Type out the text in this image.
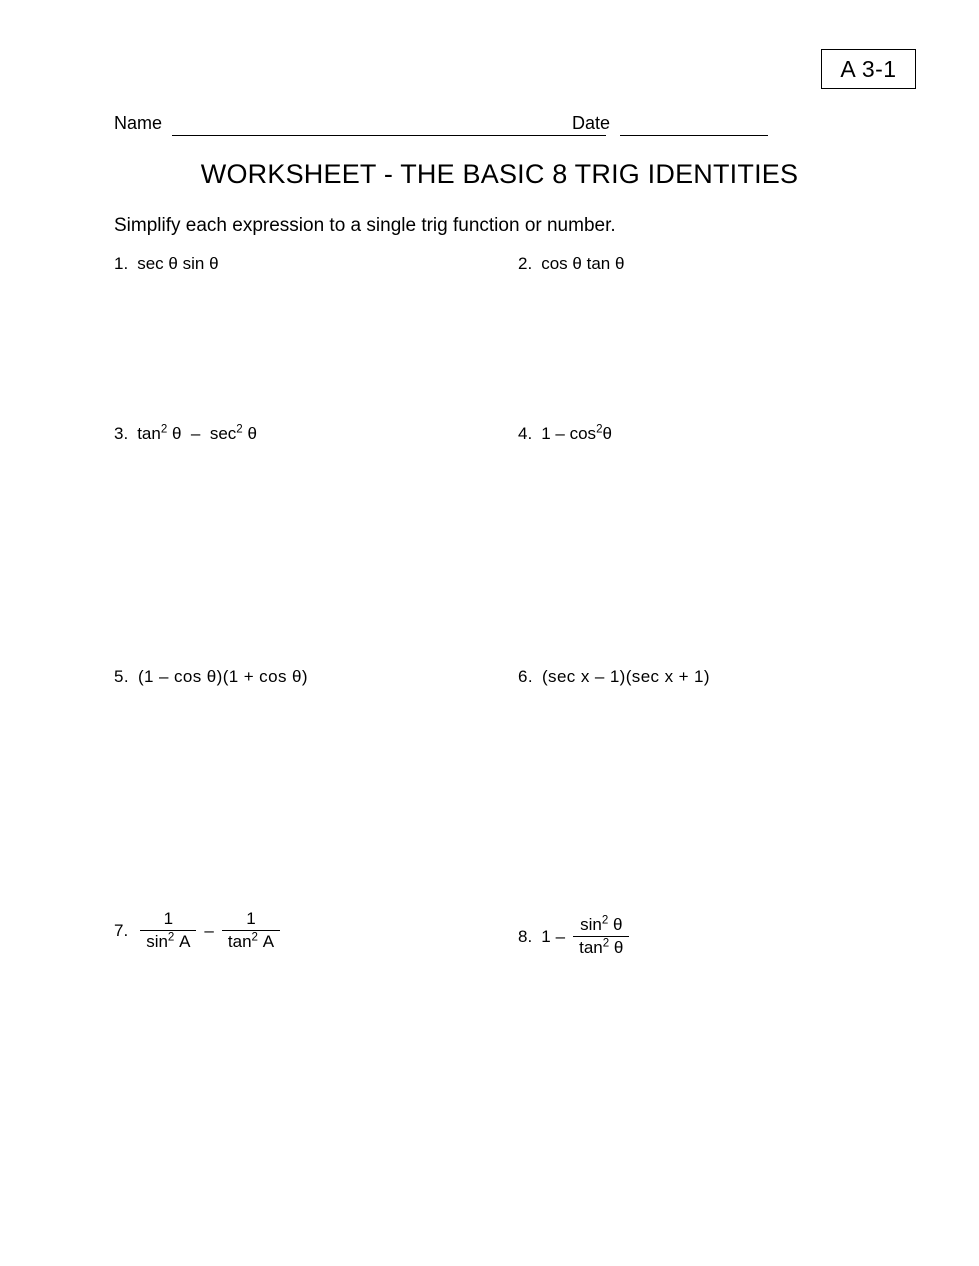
A 3-1
Name	Date
WORKSHEET - THE BASIC 8 TRIG IDENTITIES
Simplify each expression to a single trig function or number.
1. sec θ sin θ	2. cos θ tan θ
3. $\tan^2 \theta - \sec^2 \theta$	4. $1 - \cos^2\theta$
5. (1 – cos θ)(1 + cos θ)	6. (sec x – 1)(sec x + 1)
7. $\frac{1}{\sin^2 A} - \frac{1}{\tan^2 A}$	8. $1 - \frac{\sin^2 \theta}{\tan^2 \theta}$
